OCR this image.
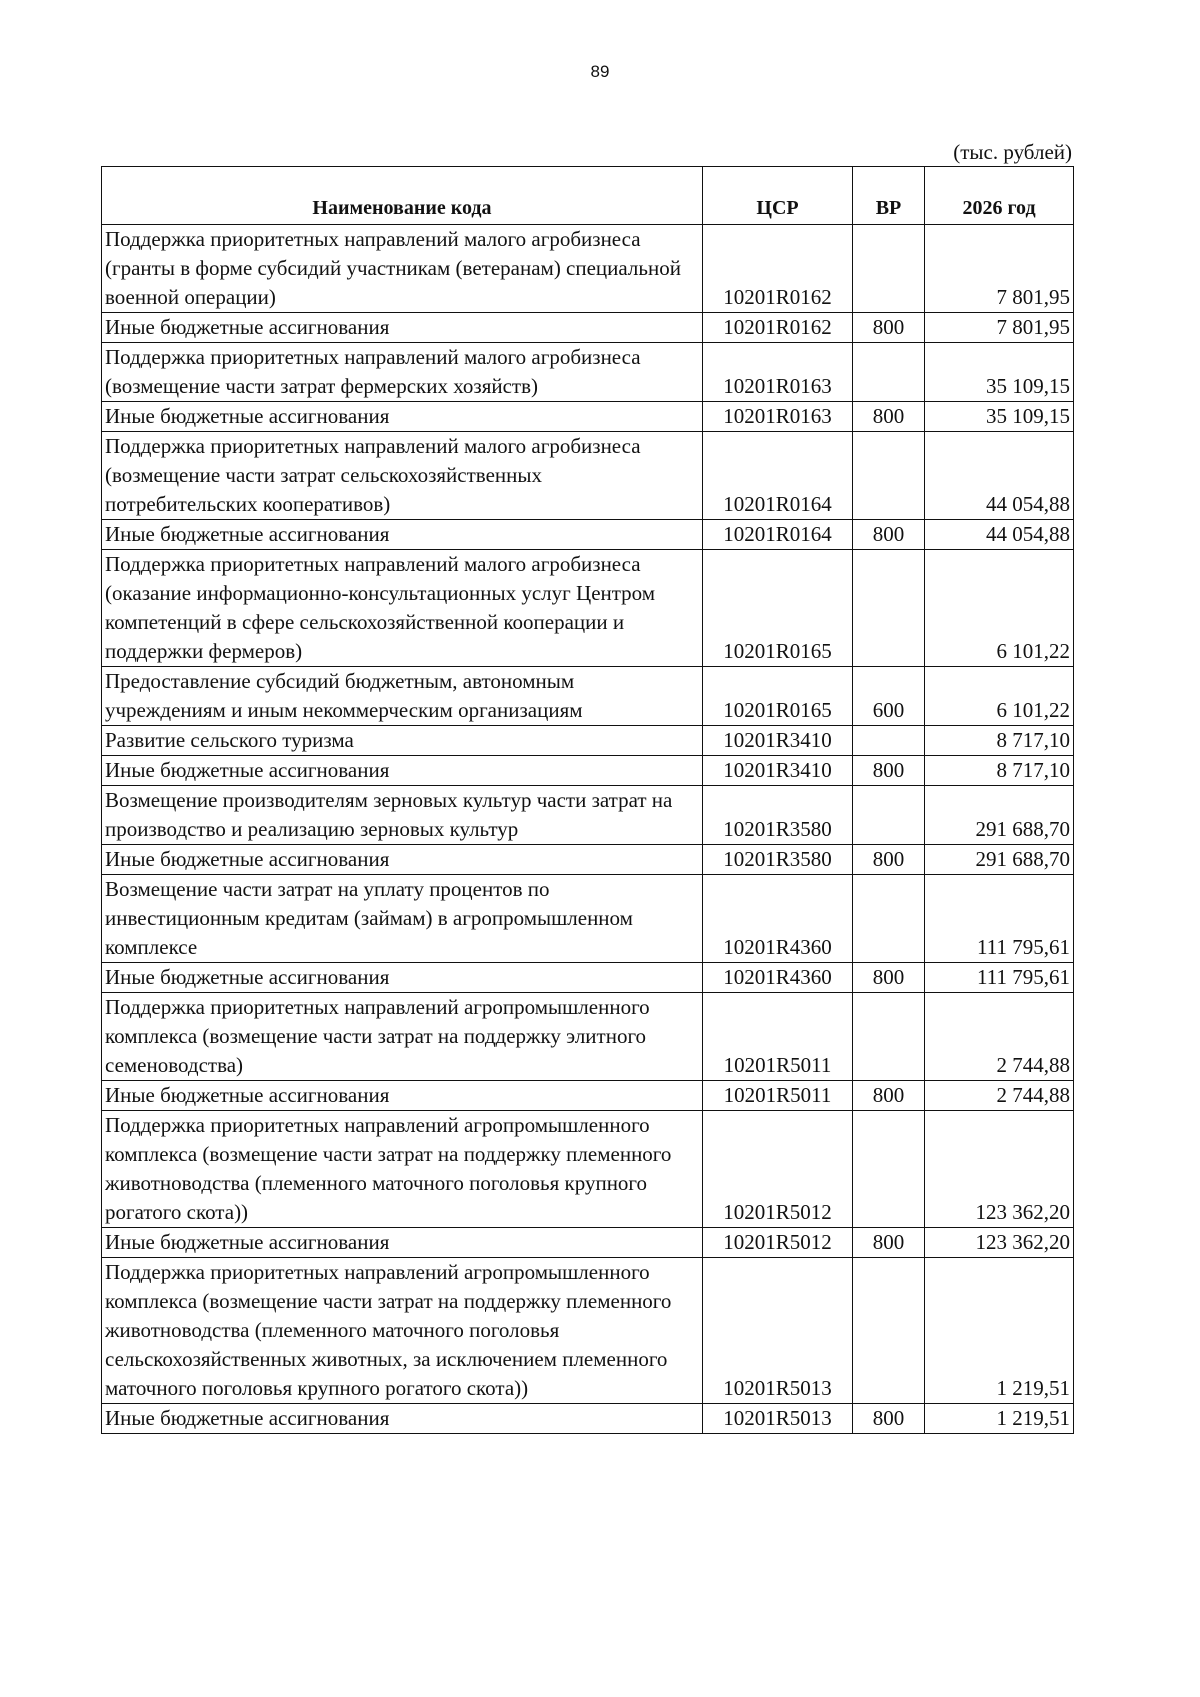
89
(тыс. рублей)
Наименование кода	ЦСР	ВР	2026 год
Поддержка приоритетных направлений малого агробизнеса (гранты в форме субсидий участникам (ветеранам) специальной военной операции)	10201R0162		7 801,95
Иные бюджетные ассигнования	10201R0162	800	7 801,95
Поддержка приоритетных направлений малого агробизнеса (возмещение части затрат фермерских хозяйств)	10201R0163		35 109,15
Иные бюджетные ассигнования	10201R0163	800	35 109,15
Поддержка приоритетных направлений малого агробизнеса (возмещение части затрат сельскохозяйственных потребительских кооперативов)	10201R0164		44 054,88
Иные бюджетные ассигнования	10201R0164	800	44 054,88
Поддержка приоритетных направлений малого агробизнеса (оказание информационно-консультационных услуг Центром компетенций в сфере сельскохозяйственной кооперации и поддержки фермеров)	10201R0165		6 101,22
Предоставление субсидий бюджетным, автономным учреждениям и иным некоммерческим организациям	10201R0165	600	6 101,22
Развитие сельского туризма	10201R3410		8 717,10
Иные бюджетные ассигнования	10201R3410	800	8 717,10
Возмещение производителям зерновых культур части затрат на производство и реализацию зерновых культур	10201R3580		291 688,70
Иные бюджетные ассигнования	10201R3580	800	291 688,70
Возмещение части затрат на уплату процентов по инвестиционным кредитам (займам) в агропромышленном комплексе	10201R4360		111 795,61
Иные бюджетные ассигнования	10201R4360	800	111 795,61
Поддержка приоритетных направлений агропромышленного комплекса (возмещение части затрат на поддержку элитного семеноводства)	10201R5011		2 744,88
Иные бюджетные ассигнования	10201R5011	800	2 744,88
Поддержка приоритетных направлений агропромышленного комплекса (возмещение части затрат на поддержку племенного животноводства (племенного маточного поголовья крупного рогатого скота))	10201R5012		123 362,20
Иные бюджетные ассигнования	10201R5012	800	123 362,20
Поддержка приоритетных направлений агропромышленного комплекса (возмещение части затрат на поддержку племенного животноводства (племенного маточного поголовья сельскохозяйственных животных, за исключением племенного маточного поголовья крупного рогатого скота))	10201R5013		1 219,51
Иные бюджетные ассигнования	10201R5013	800	1 219,51
